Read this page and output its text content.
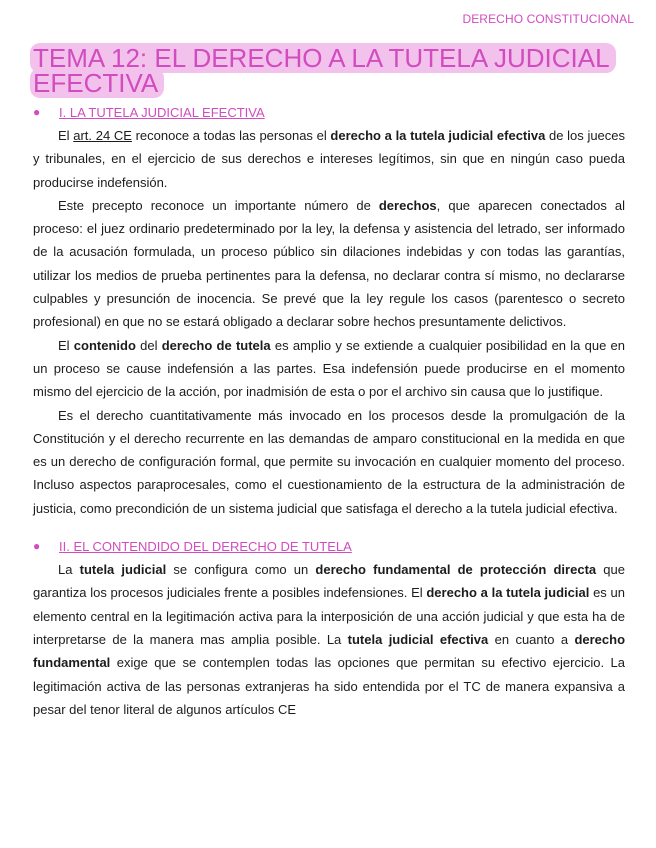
DERECHO CONSTITUCIONAL
TEMA 12: EL DERECHO A LA TUTELA JUDICIAL EFECTIVA
●	I. LA TUTELA JUDICIAL EFECTIVA

El art. 24 CE reconoce a todas las personas el derecho a la tutela judicial efectiva de los jueces y tribunales, en el ejercicio de sus derechos e intereses legítimos, sin que en ningún caso pueda producirse indefensión.

Este precepto reconoce un importante número de derechos, que aparecen conectados al proceso: el juez ordinario predeterminado por la ley, la defensa y asistencia del letrado, ser informado de la acusación formulada, un proceso público sin dilaciones indebidas y con todas las garantías, utilizar los medios de prueba pertinentes para la defensa, no declarar contra sí mismo, no declararse culpables y presunción de inocencia. Se prevé que la ley regule los casos (parentesco o secreto profesional) en que no se estará obligado a declarar sobre hechos presuntamente delictivos.

El contenido del derecho de tutela es amplio y se extiende a cualquier posibilidad en la que en un proceso se cause indefensión a las partes. Esa indefensión puede producirse en el momento mismo del ejercicio de la acción, por inadmisión de esta o por el archivo sin causa que lo justifique.

Es el derecho cuantitativamente más invocado en los procesos desde la promulgación de la Constitución y el derecho recurrente en las demandas de amparo constitucional en la medida en que es un derecho de configuración formal, que permite su invocación en cualquier momento del proceso. Incluso aspectos paraprocesales, como el cuestionamiento de la estructura de la administración de justicia, como precondición de un sistema judicial que satisfaga el derecho a la tutela judicial efectiva.

●	II. EL CONTENDIDO DEL DERECHO DE TUTELA

La tutela judicial se configura como un derecho fundamental de protección directa que garantiza los procesos judiciales frente a posibles indefensiones. El derecho a la tutela judicial es un elemento central en la legitimación activa para la interposición de una acción judicial y que esta ha de interpretarse de la manera mas amplia posible. La tutela judicial efectiva en cuanto a derecho fundamental exige que se contemplen todas las opciones que permitan su efectivo ejercicio. La legitimación activa de las personas extranjeras ha sido entendida por el TC de manera expansiva a pesar del tenor literal de algunos artículos CE
